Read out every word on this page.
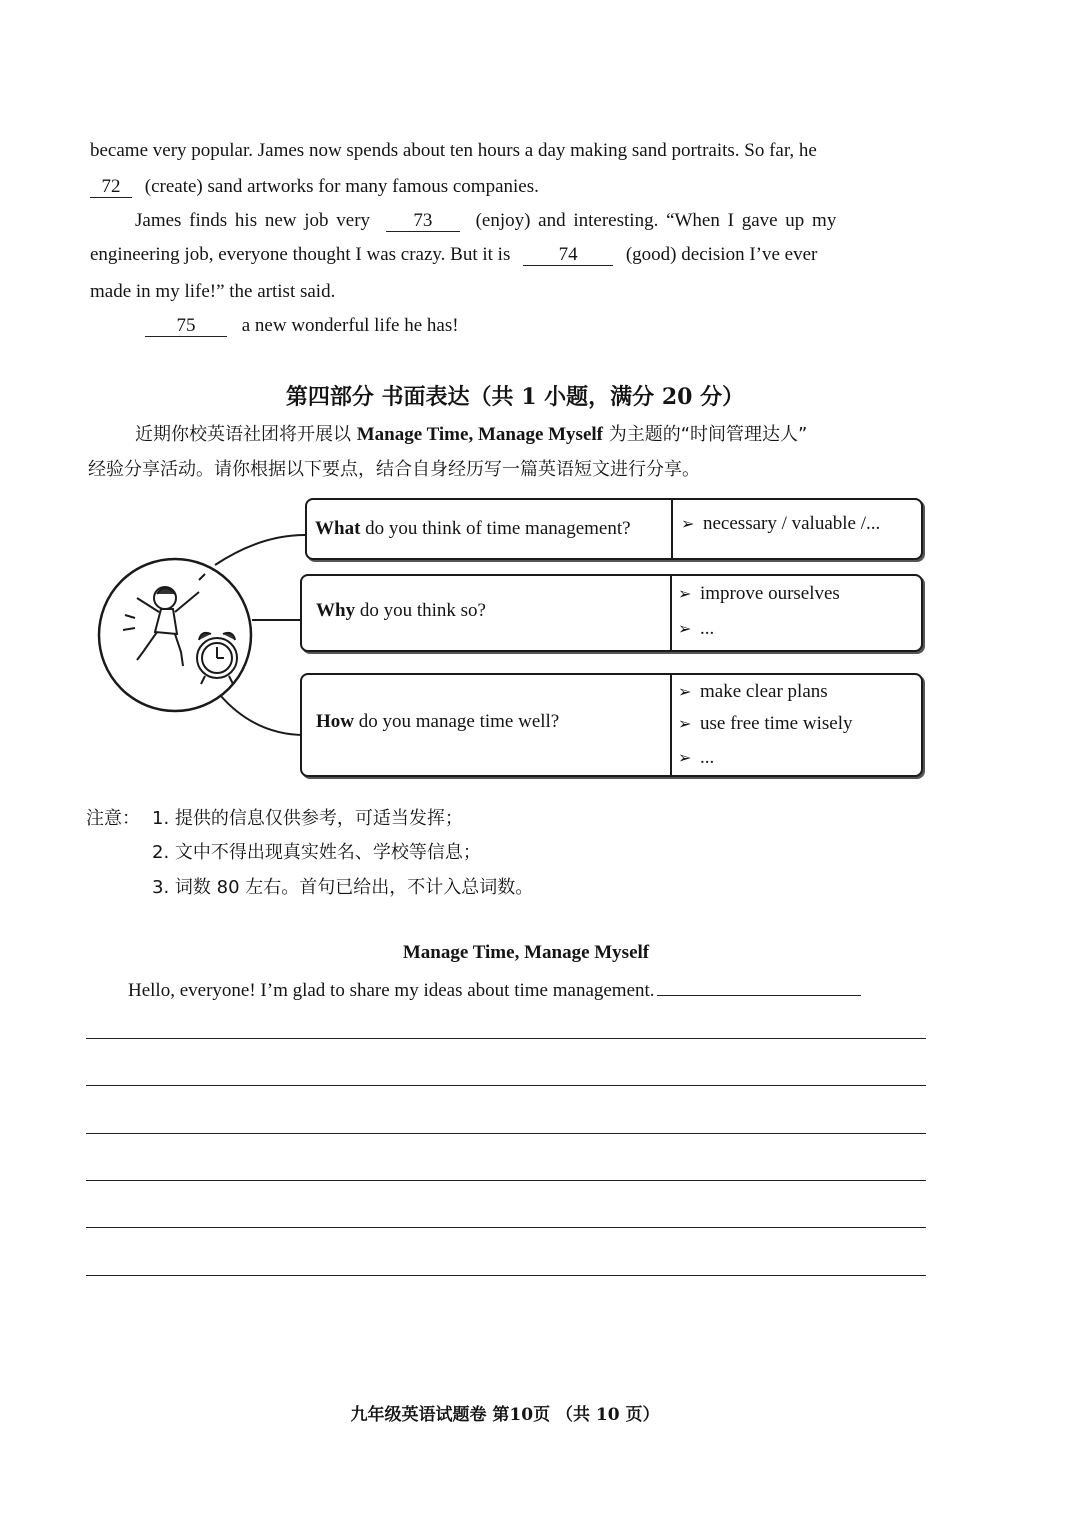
became very popular. James now spends about ten hours a day making sand portraits. So far, he
72 (create) sand artworks for many famous companies.
James finds his new job very 73 (enjoy) and interesting. “When I gave up my
engineering job, everyone thought I was crazy. But it is	74	(good) decision I’ve ever
made in my life!” the artist said.
75 a new wonderful life he has!
第四部分 书面表达（共 1 小题，满分 20 分）
近期你校英语社团将开展以 Manage Time, Manage Myself 为主题的“时间管理达人”
经验分享活动。请你根据以下要点，结合自身经历写一篇英语短文进行分享。
What do you think of time management?	➢ necessary / valuable /...
Why do you think so?
➢ improve ourselves
➢ ...
How do you manage time well?
➢ make clear plans
➢ use free time wisely
➢ ...
注意： 1. 提供的信息仅供参考，可适当发挥；
2. 文中不得出现真实姓名、学校等信息；
3. 词数 80 左右。首句已给出，不计入总词数。
Manage Time, Manage Myself
Hello, everyone! I’m glad to share my ideas about time management.
九年级英语试题卷 第10页 （共 10 页）
